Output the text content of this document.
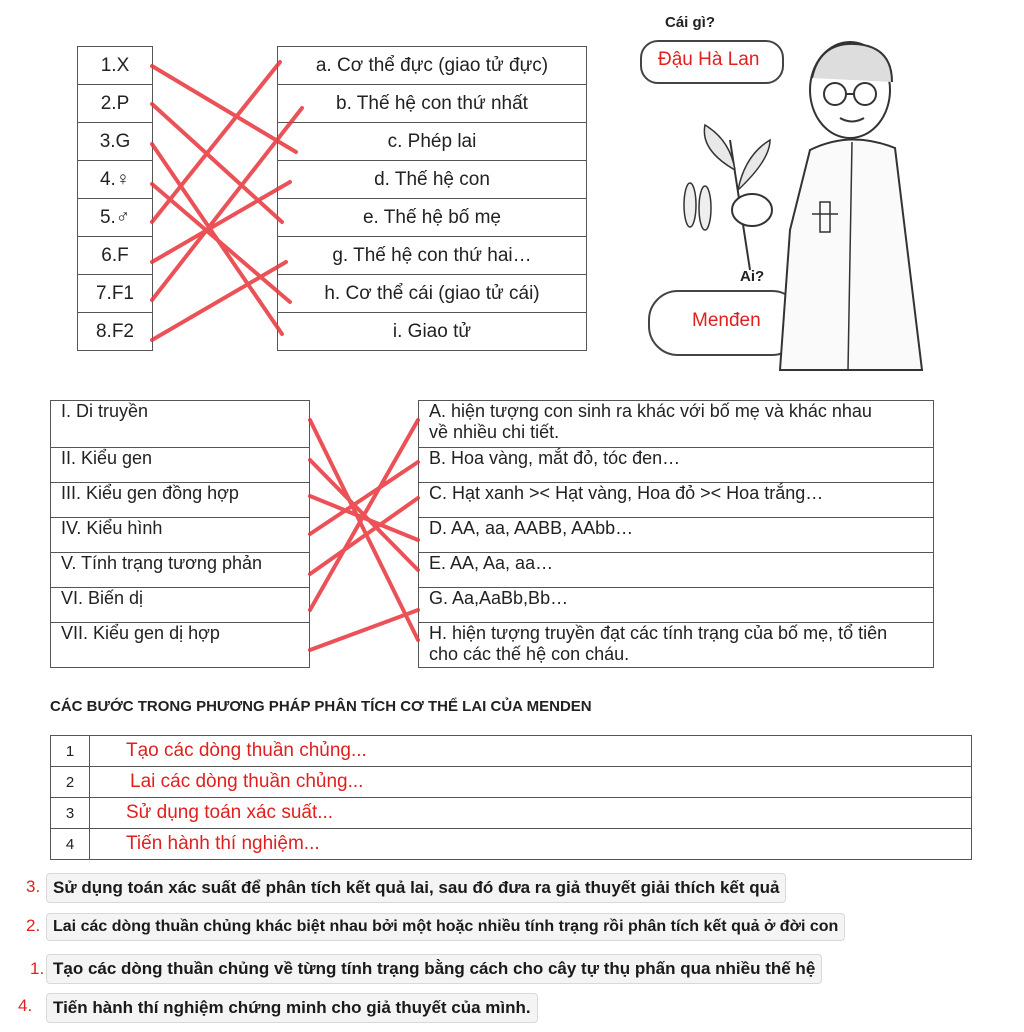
1.X
2.P
3.G
4.♀
5.♂
6.F
7.F1
8.F2
a. Cơ thể đực (giao tử đực)
b. Thế hệ con thứ nhất
c. Phép lai
d. Thế hệ con
e. Thế hệ bố mẹ
g. Thế hệ con thứ hai…
h. Cơ thể cái (giao tử cái)
i. Giao tử
Cái gì?
Đậu Hà Lan
Ai?
Menđen
I. Di truyền
II. Kiểu gen
III. Kiểu gen đồng hợp
IV. Kiểu hình
V. Tính trạng tương phản
VI. Biến dị
VII. Kiểu gen dị hợp
A. hiện tượng con sinh ra khác với bố mẹ và khác nhau về nhiều chi tiết.
B. Hoa vàng, mắt đỏ, tóc đen…
C. Hạt xanh >< Hạt vàng, Hoa đỏ >< Hoa trắng…
D. AA, aa, AABB, AAbb…
E. AA, Aa, aa…
G. Aa,AaBb,Bb…
H. hiện tượng truyền đạt các tính trạng của bố mẹ, tổ tiên cho các thế hệ con cháu.
CÁC BƯỚC TRONG PHƯƠNG PHÁP PHÂN TÍCH CƠ THỂ LAI CỦA MENDEN
1	Tạo các dòng thuần chủng...
2	Lai các dòng thuần chủng...
3	Sử dụng toán xác suất...
4	Tiến hành thí nghiệm...
3. Sử dụng toán xác suất để phân tích kết quả lai, sau đó đưa ra giả thuyết giải thích kết quả
2. Lai các dòng thuần chủng khác biệt nhau bởi một hoặc nhiều tính trạng rồi phân tích kết quả ở đời con
1. Tạo các dòng thuần chủng về từng tính trạng bằng cách cho cây tự thụ phấn qua nhiều thế hệ
4.	Tiến hành thí nghiệm chứng minh cho giả thuyết của mình.
